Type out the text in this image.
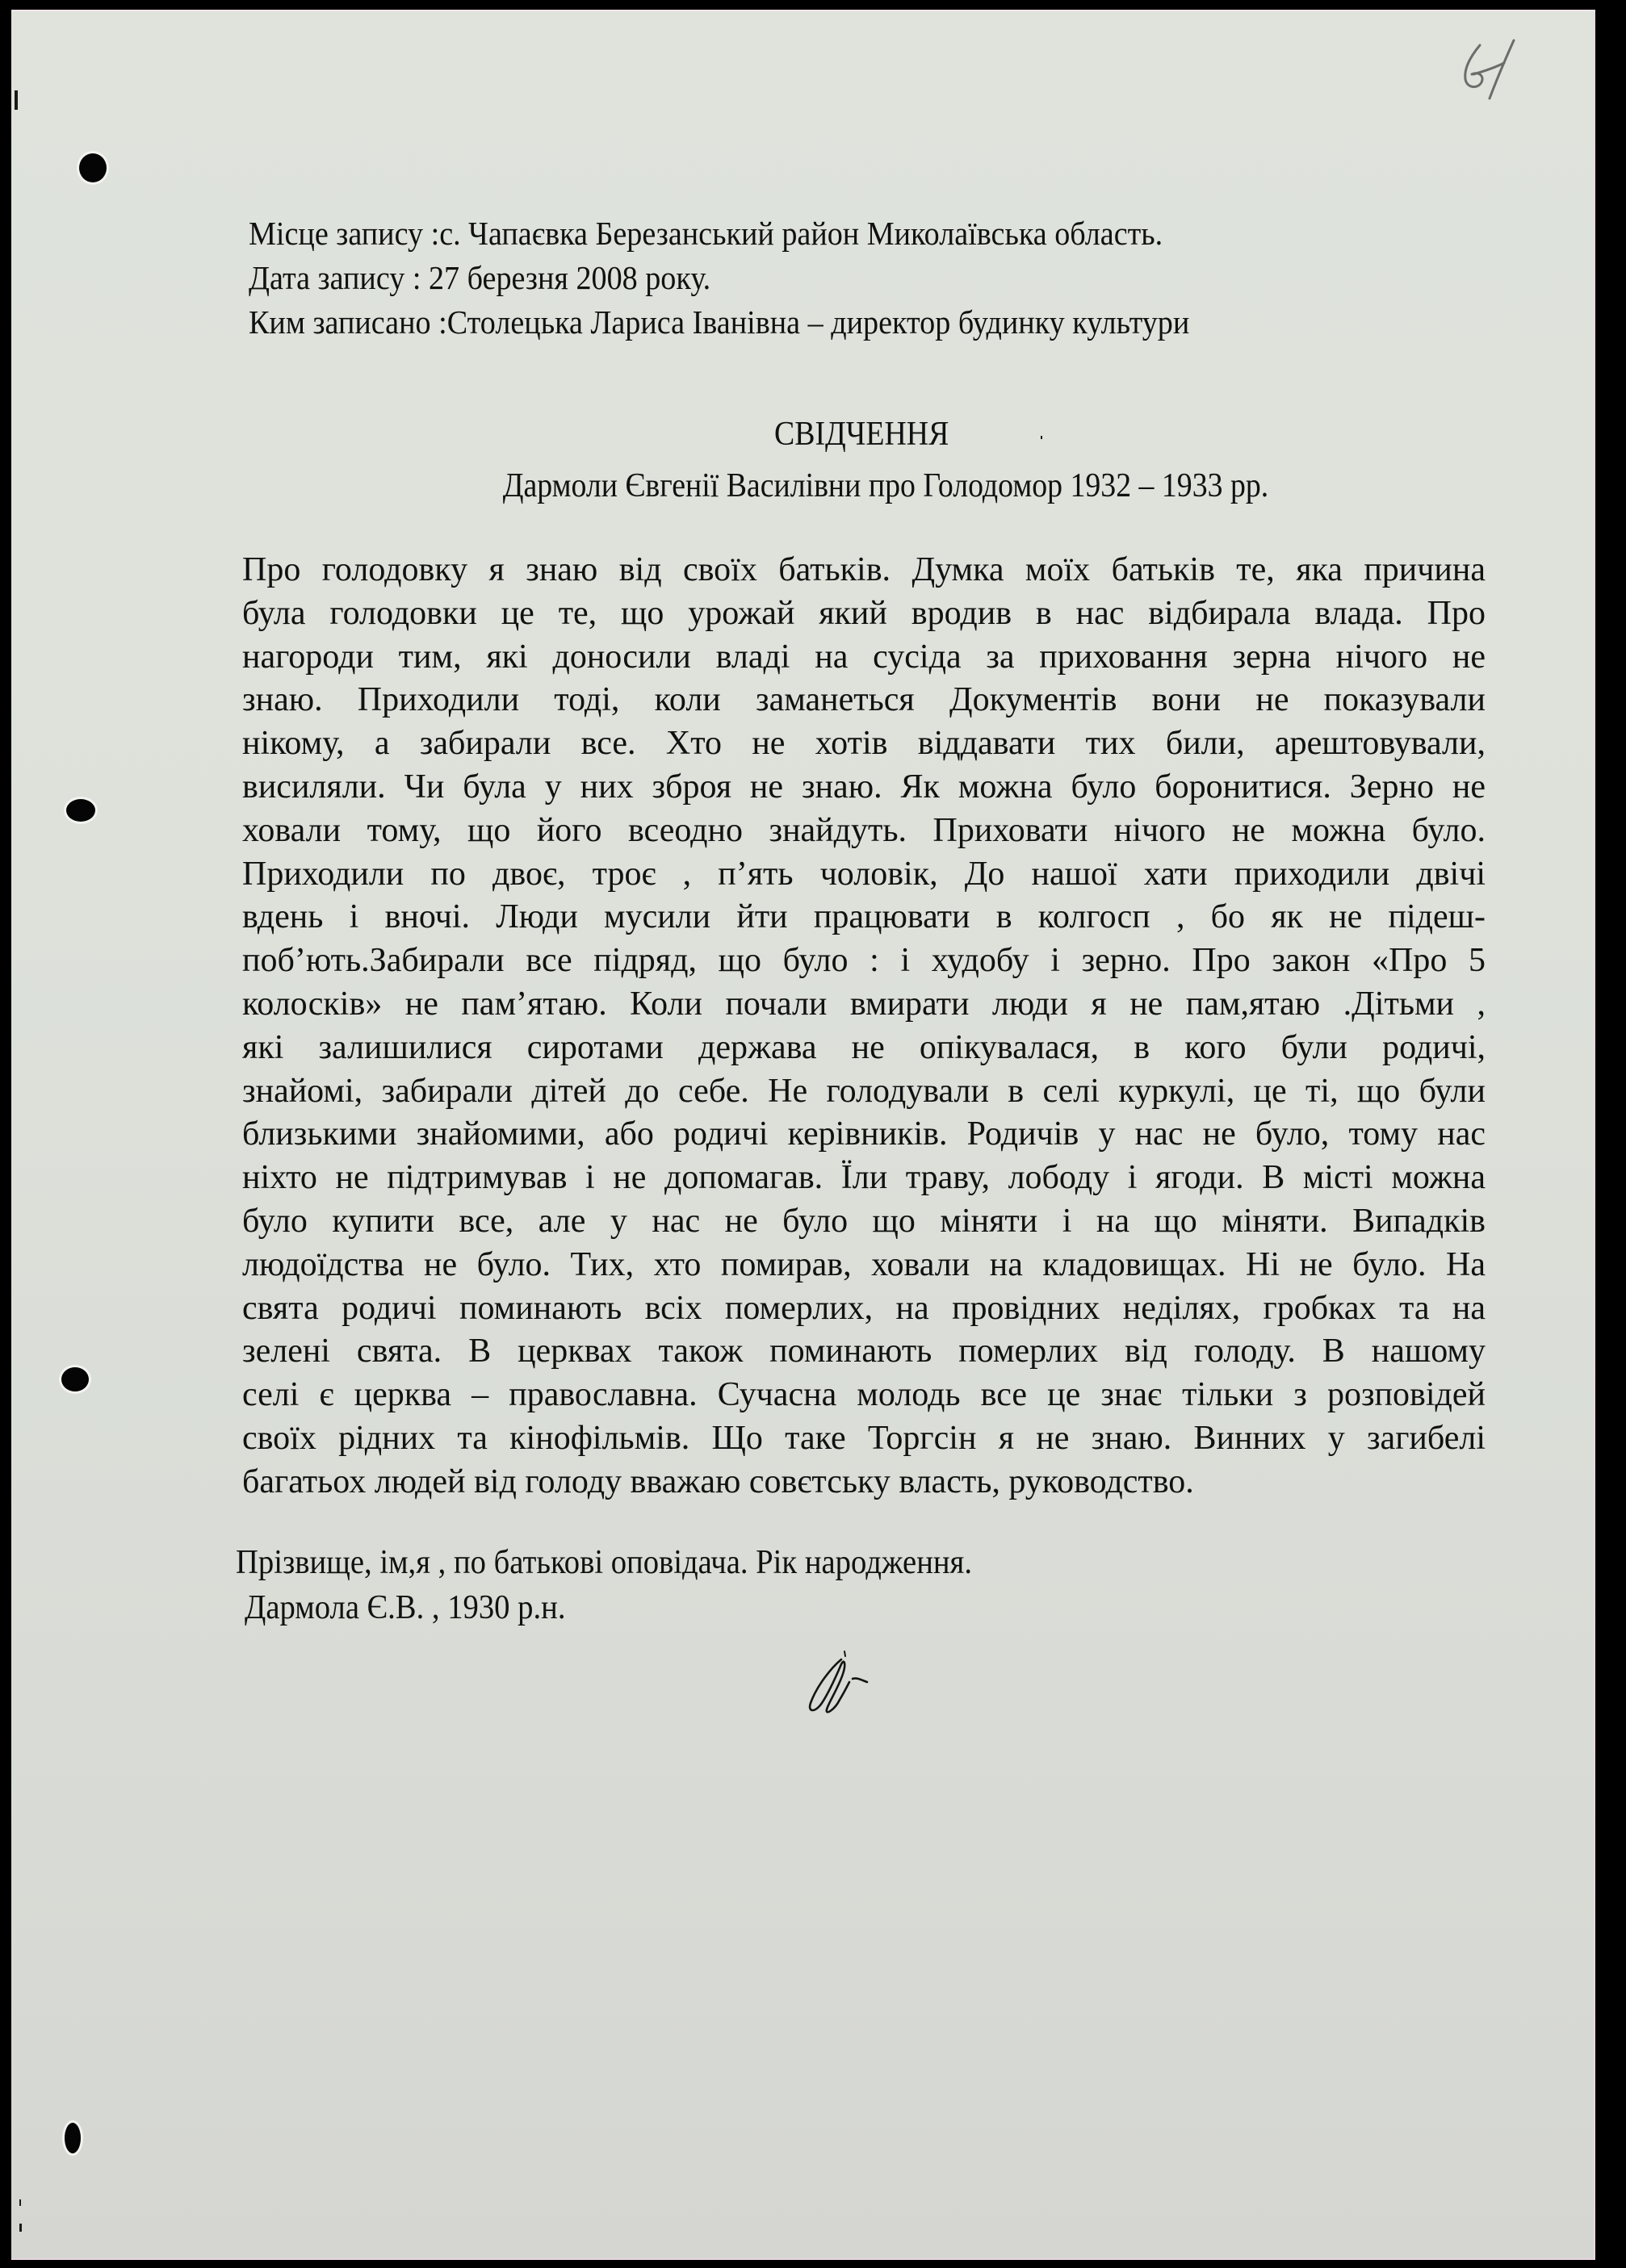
Місце запису :с. Чапаєвка Березанський район Миколаївська область.
Дата запису : 27 березня 2008 року.
Ким записано :Столецька Лариса Іванівна – директор будинку культури
СВІДЧЕННЯ
Дармоли Євгенії Василівни про Голодомор 1932 – 1933 рр.
Про голодовку я знаю від своїх батьків. Думка моїх батьків те, яка причина
була голодовки це те, що урожай який вродив в нас відбирала влада. Про
нагороди тим, які доносили владі на сусіда за приховання зерна нічого не
знаю. Приходили тоді, коли заманеться Документів вони не показували
нікому, а забирали все. Хто не хотів віддавати тих били, арештовували,
висиляли. Чи була у них зброя не знаю. Як можна було боронитися. Зерно не
ховали тому, що його всеодно знайдуть. Приховати нічого не можна було.
Приходили по двоє, троє , п’ять чоловік, До нашої хати приходили двічі
вдень і вночі. Люди мусили йти працювати в колгосп , бо як не підеш-
поб’ють.Забирали все підряд, що було : і худобу і зерно. Про закон «Про 5
колосків» не пам’ятаю. Коли почали вмирати люди я не пам,ятаю .Дітьми ,
які залишилися сиротами держава не опікувалася, в кого були родичі,
знайомі, забирали дітей до себе. Не голодували в селі куркулі, це ті, що були
близькими знайомими, або родичі керівників. Родичів у нас не було, тому нас
ніхто не підтримував і не допомагав. Їли траву, лободу і ягоди. В місті можна
було купити все, але у нас не було що міняти і на що міняти. Випадків
людоїдства не було. Тих, хто помирав, ховали на кладовищах. Ні не було. На
свята родичі поминають всіх померлих, на провідних неділях, гробках та на
зелені свята. В церквах також поминають померлих від голоду. В нашому
селі є церква – православна. Сучасна молодь все це знає тільки з розповідей
своїх рідних та кінофільмів. Що таке Торгсін я не знаю. Винних у загибелі
багатьох людей від голоду вважаю совєтську власть, руководство.
Прізвище, ім,я , по батькові оповідача. Рік народження.
Дармола Є.В. , 1930 р.н.
